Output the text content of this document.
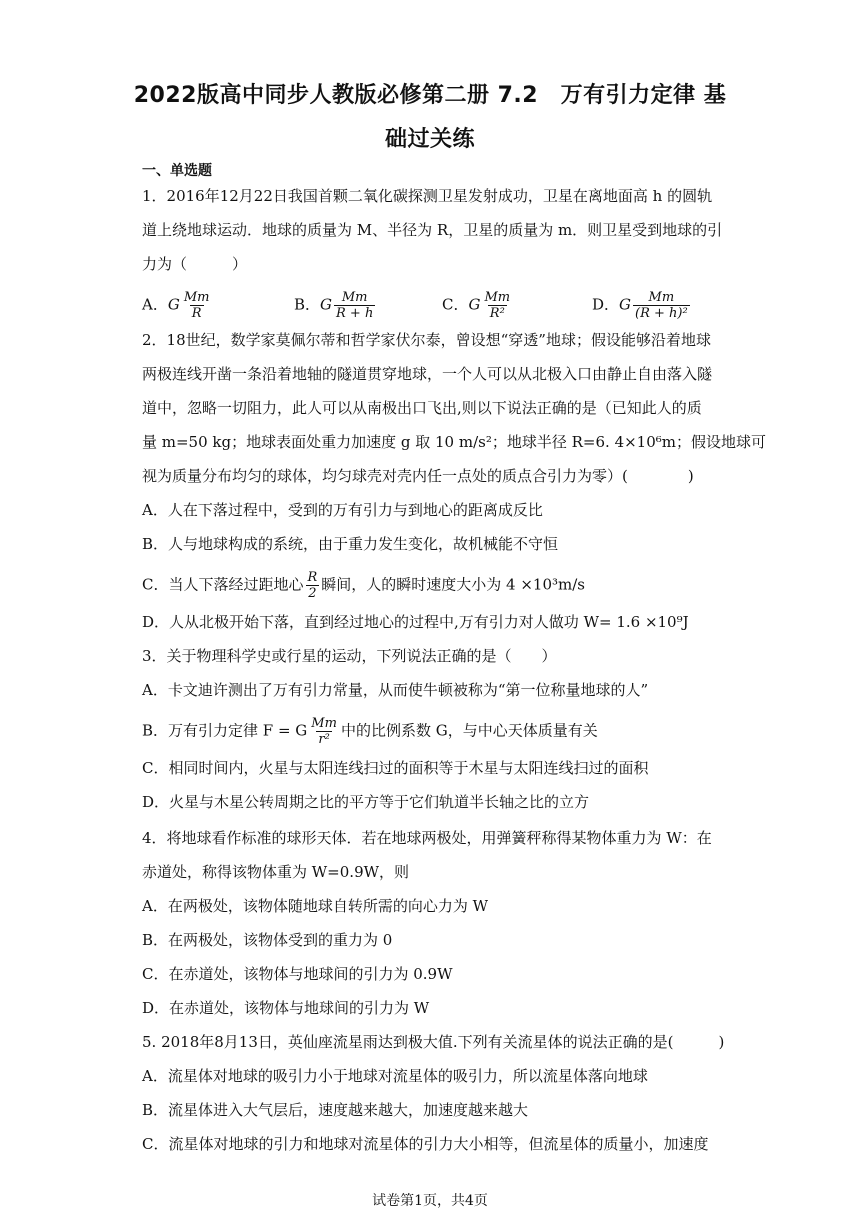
2022版高中同步人教版必修第二册 7.2　万有引力定律 基
础过关练
一、单选题
1．2016年12月22日我国首颗二氧化碳探测卫星发射成功，卫星在离地面高 h 的圆轨
道上绕地球运动．地球的质量为 M、半径为 R，卫星的质量为 m．则卫星受到地球的引
力为（　　　）
A．G $\frac{Mm}{R}$	B．G $\frac{Mm}{R + h}$	C．G $\frac{Mm}{\text{R²}}$	D．G $\frac{Mm}{\text{(R + h)²}}$
2．18世纪，数学家莫佩尔蒂和哲学家伏尔泰，曾设想“穿透”地球；假设能够沿着地球
两极连线开凿一条沿着地轴的隧道贯穿地球，一个人可以从北极入口由静止自由落入隧
道中，忽略一切阻力，此人可以从南极出口飞出,则以下说法正确的是（已知此人的质
量 m=50 kg；地球表面处重力加速度 g 取 10 m/s²；地球半径 R=6. 4×10⁶m；假设地球可
视为质量分布均匀的球体，均匀球壳对壳内任一点处的质点合引力为零）(　　　　)
A．人在下落过程中，受到的万有引力与到地心的距离成反比
B．人与地球构成的系统，由于重力发生变化，故机械能不守恒
C．当人下落经过距地心 $\frac{R}{2}$ 瞬间，人的瞬时速度大小为 4 ×10³m/s
D．人从北极开始下落，直到经过地心的过程中,万有引力对人做功 W= 1.6 ×10⁹J
3．关于物理科学史或行星的运动，下列说法正确的是（　　）
A．卡文迪许测出了万有引力常量，从而使牛顿被称为“第一位称量地球的人”
B．万有引力定律 F = G $\frac{Mm}{\text{r²}}$ 中的比例系数 G，与中心天体质量有关
C．相同时间内，火星与太阳连线扫过的面积等于木星与太阳连线扫过的面积
D．火星与木星公转周期之比的平方等于它们轨道半长轴之比的立方
4．将地球看作标准的球形天体．若在地球两极处，用弹簧秤称得某物体重力为 W：在
赤道处，称得该物体重为 W=0.9W，则
A．在两极处，该物体随地球自转所需的向心力为 W
B．在两极处，该物体受到的重力为 0
C．在赤道处，该物体与地球间的引力为 0.9W
D．在赤道处，该物体与地球间的引力为 W
5. 2018年8月13日，英仙座流星雨达到极大值.下列有关流星体的说法正确的是(　　　)
A．流星体对地球的吸引力小于地球对流星体的吸引力，所以流星体落向地球
B．流星体进入大气层后，速度越来越大，加速度越来越大
C．流星体对地球的引力和地球对流星体的引力大小相等，但流星体的质量小，加速度
试卷第1页，共4页
